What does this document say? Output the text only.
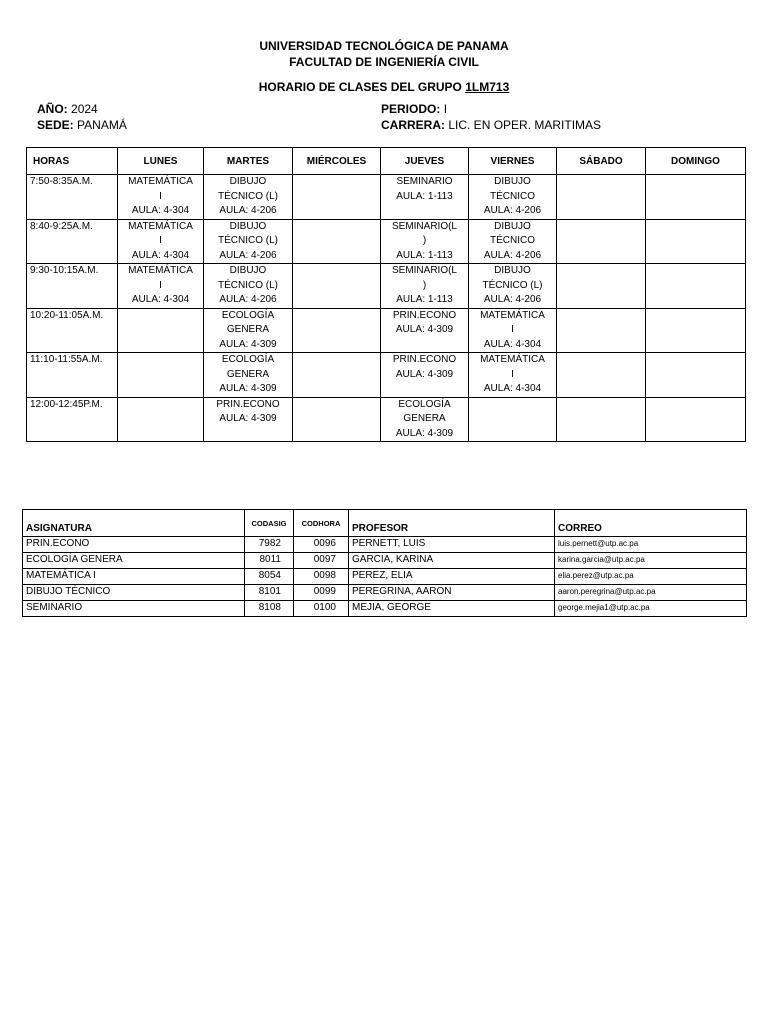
UNIVERSIDAD TECNOLÓGICA DE PANAMA
FACULTAD DE INGENIERÍA CIVIL
HORARIO DE CLASES DEL GRUPO 1LM713
AÑO: 2024
SEDE: PANAMÁ
PERIODO: I
CARRERA: LIC. EN OPER. MARITIMAS
HORAS	LUNES	MARTES	MIÉRCOLES	JUEVES	VIERNES	SÁBADO	DOMINGO
7:50-8:35A.M.	MATEMÁTICA
I
AULA: 4-304	DIBUJO
TÉCNICO (L)
AULA: 4-206		SEMINARIO
AULA: 1-113	DIBUJO
TÉCNICO
AULA: 4-206		

8:40-9:25A.M.	MATEMÁTICA
I
AULA: 4-304	DIBUJO
TÉCNICO (L)
AULA: 4-206		SEMINARIO(L
)
AULA: 1-113	DIBUJO
TÉCNICO
AULA: 4-206		

9:30-10:15A.M.	MATEMÁTICA
I
AULA: 4-304	DIBUJO
TÉCNICO (L)
AULA: 4-206		SEMINARIO(L
)
AULA: 1-113	DIBUJO
TÉCNICO (L)
AULA: 4-206		

10:20-11:05A.M.		ECOLOGÍA
GENERA
AULA: 4-309		PRIN.ECONO
AULA: 4-309	MATEMÁTICA
I
AULA: 4-304		

11:10-11:55A.M.		ECOLOGÍA
GENERA
AULA: 4-309		PRIN.ECONO
AULA: 4-309	MATEMÁTICA
I
AULA: 4-304		

12:00-12:45P.M.		PRIN.ECONO
AULA: 4-309		ECOLOGÍA
GENERA
AULA: 4-309			

ASIGNATURA	CODASIG	CODHORA	PROFESOR	CORREO
PRIN.ECONO	7982	0096	PERNETT, LUIS	luis.pernett@utp.ac.pa
ECOLOGÍA GENERA	8011	0097	GARCIA, KARINA	karina.garcia@utp.ac.pa
MATEMÁTICA I	8054	0098	PEREZ, ELIA	elia.perez@utp.ac.pa
DIBUJO TÉCNICO	8101	0099	PEREGRINA, AARON	aaron.peregrina@utp.ac.pa
SEMINARIO	8108	0100	MEJIA, GEORGE	george.mejia1@utp.ac.pa
